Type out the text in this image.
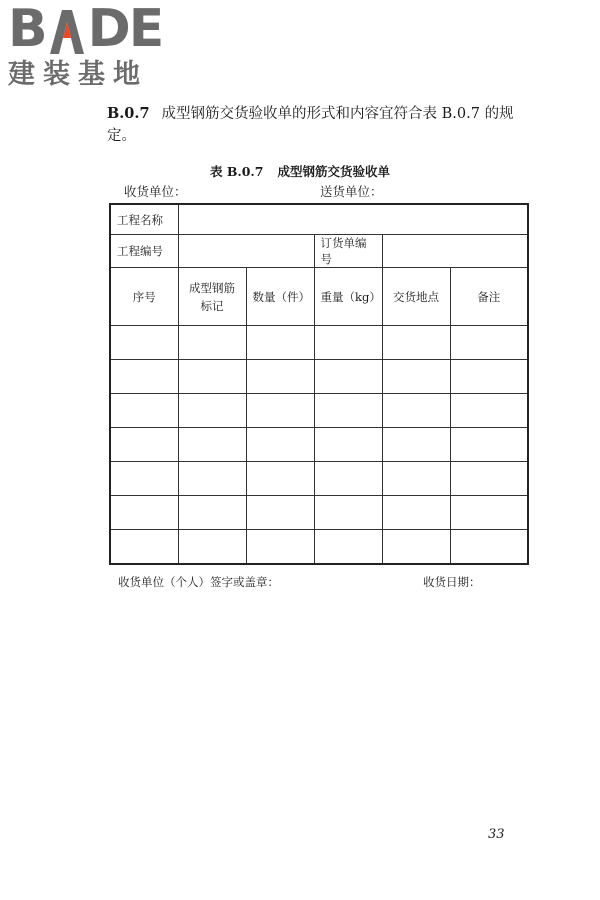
B DE
建装基地
B.0.7 成型钢筋交货验收单的形式和内容宜符合表 B.0.7 的规定。
表 B.0.7 成型钢筋交货验收单
收货单位：	送货单位：
工程名称					
工程编号			订货单编号		
序号	成型钢筋标记	数量（件）	重量（kg）	交货地点	备注

收货单位（个人）签字或盖章：	收货日期：
33
